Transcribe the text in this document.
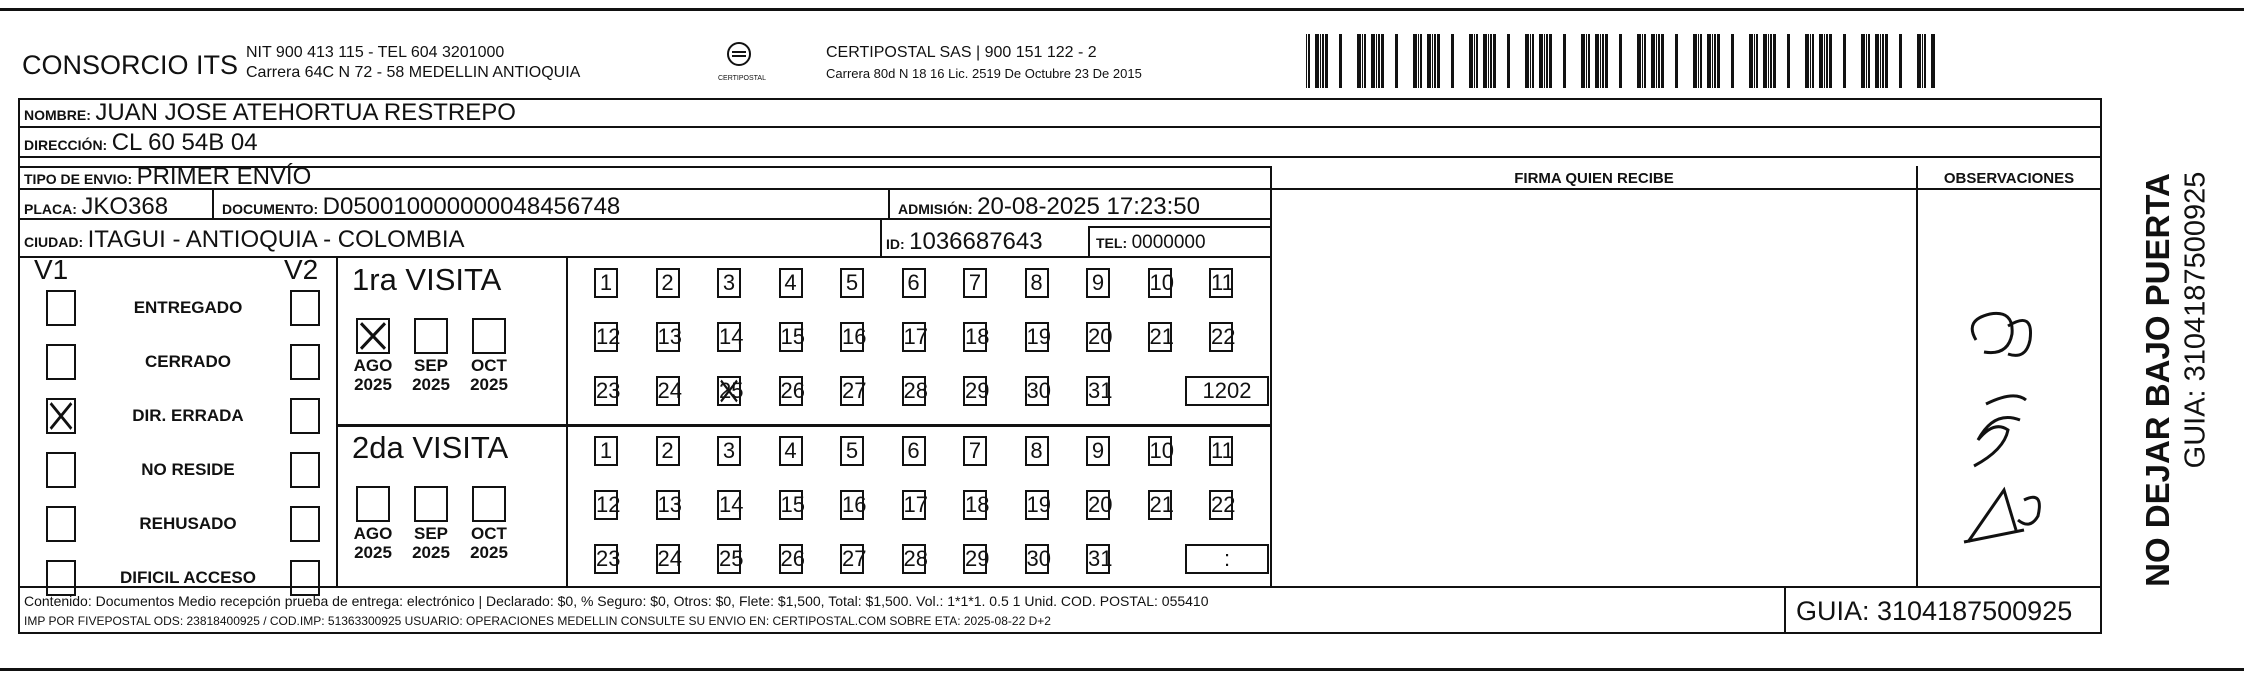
CONSORCIO ITS NIT 900 413 115 - TEL 604 3201000
Carrera 64C N 72 - 58 MEDELLIN ANTIOQUIA	CERTIPOSTAL
CERTIPOSTAL SAS | 900 151 122 - 2
Carrera 80d N 18 16 Lic. 2519 De Octubre 23 De 2015
NOMBRE: JUAN JOSE ATEHORTUA RESTREPO
DIRECCIÓN: CL 60 54B 04
TIPO DE ENVIO: PRIMER ENVÍO	FIRMA QUIEN RECIBE	OBSERVACIONES
PLACA: JKO368	DOCUMENTO: D050010000000048456748	ADMISIÓN: 20-08-2025 17:23:50
CIUDAD: ITAGUI - ANTIOQUIA - COLOMBIA	ID: 1036687643	TEL: 0000000
V1	V2
ENTREGADO
CERRADO
DIR. ERRADA
NO RESIDE
REHUSADO
DIFICIL ACCESO
1ra VISITA
AGO
2025
SEP
2025
OCT
2025
1 2 3 4 5 6 7 8 9 10 11
12 13 14 15 16 17 18 19 20 21 22
23 24 25 26 27 28 29 30 31	1202
2da VISITA
AGO
2025
SEP
2025
OCT
2025
1 2 3 4 5 6 7 8 9 10 11
12 13 14 15 16 17 18 19 20 21 22
23 24 25 26 27 28 29 30 31	:
Contenido: Documentos Medio recepción prueba de entrega: electrónico | Declarado: $0, % Seguro: $0, Otros: $0, Flete: $1,500, Total: $1,500. Vol.: 1*1*1. 0.5 1 Unid. COD. POSTAL: 055410
IMP POR FIVEPOSTAL ODS: 23818400925 / COD.IMP: 51363300925 USUARIO: OPERACIONES MEDELLIN CONSULTE SU ENVIO EN: CERTIPOSTAL.COM SOBRE ETA: 2025-08-22 D+2	GUIA: 3104187500925
NO DEJAR BAJO PUERTA GUIA: 3104187500925
